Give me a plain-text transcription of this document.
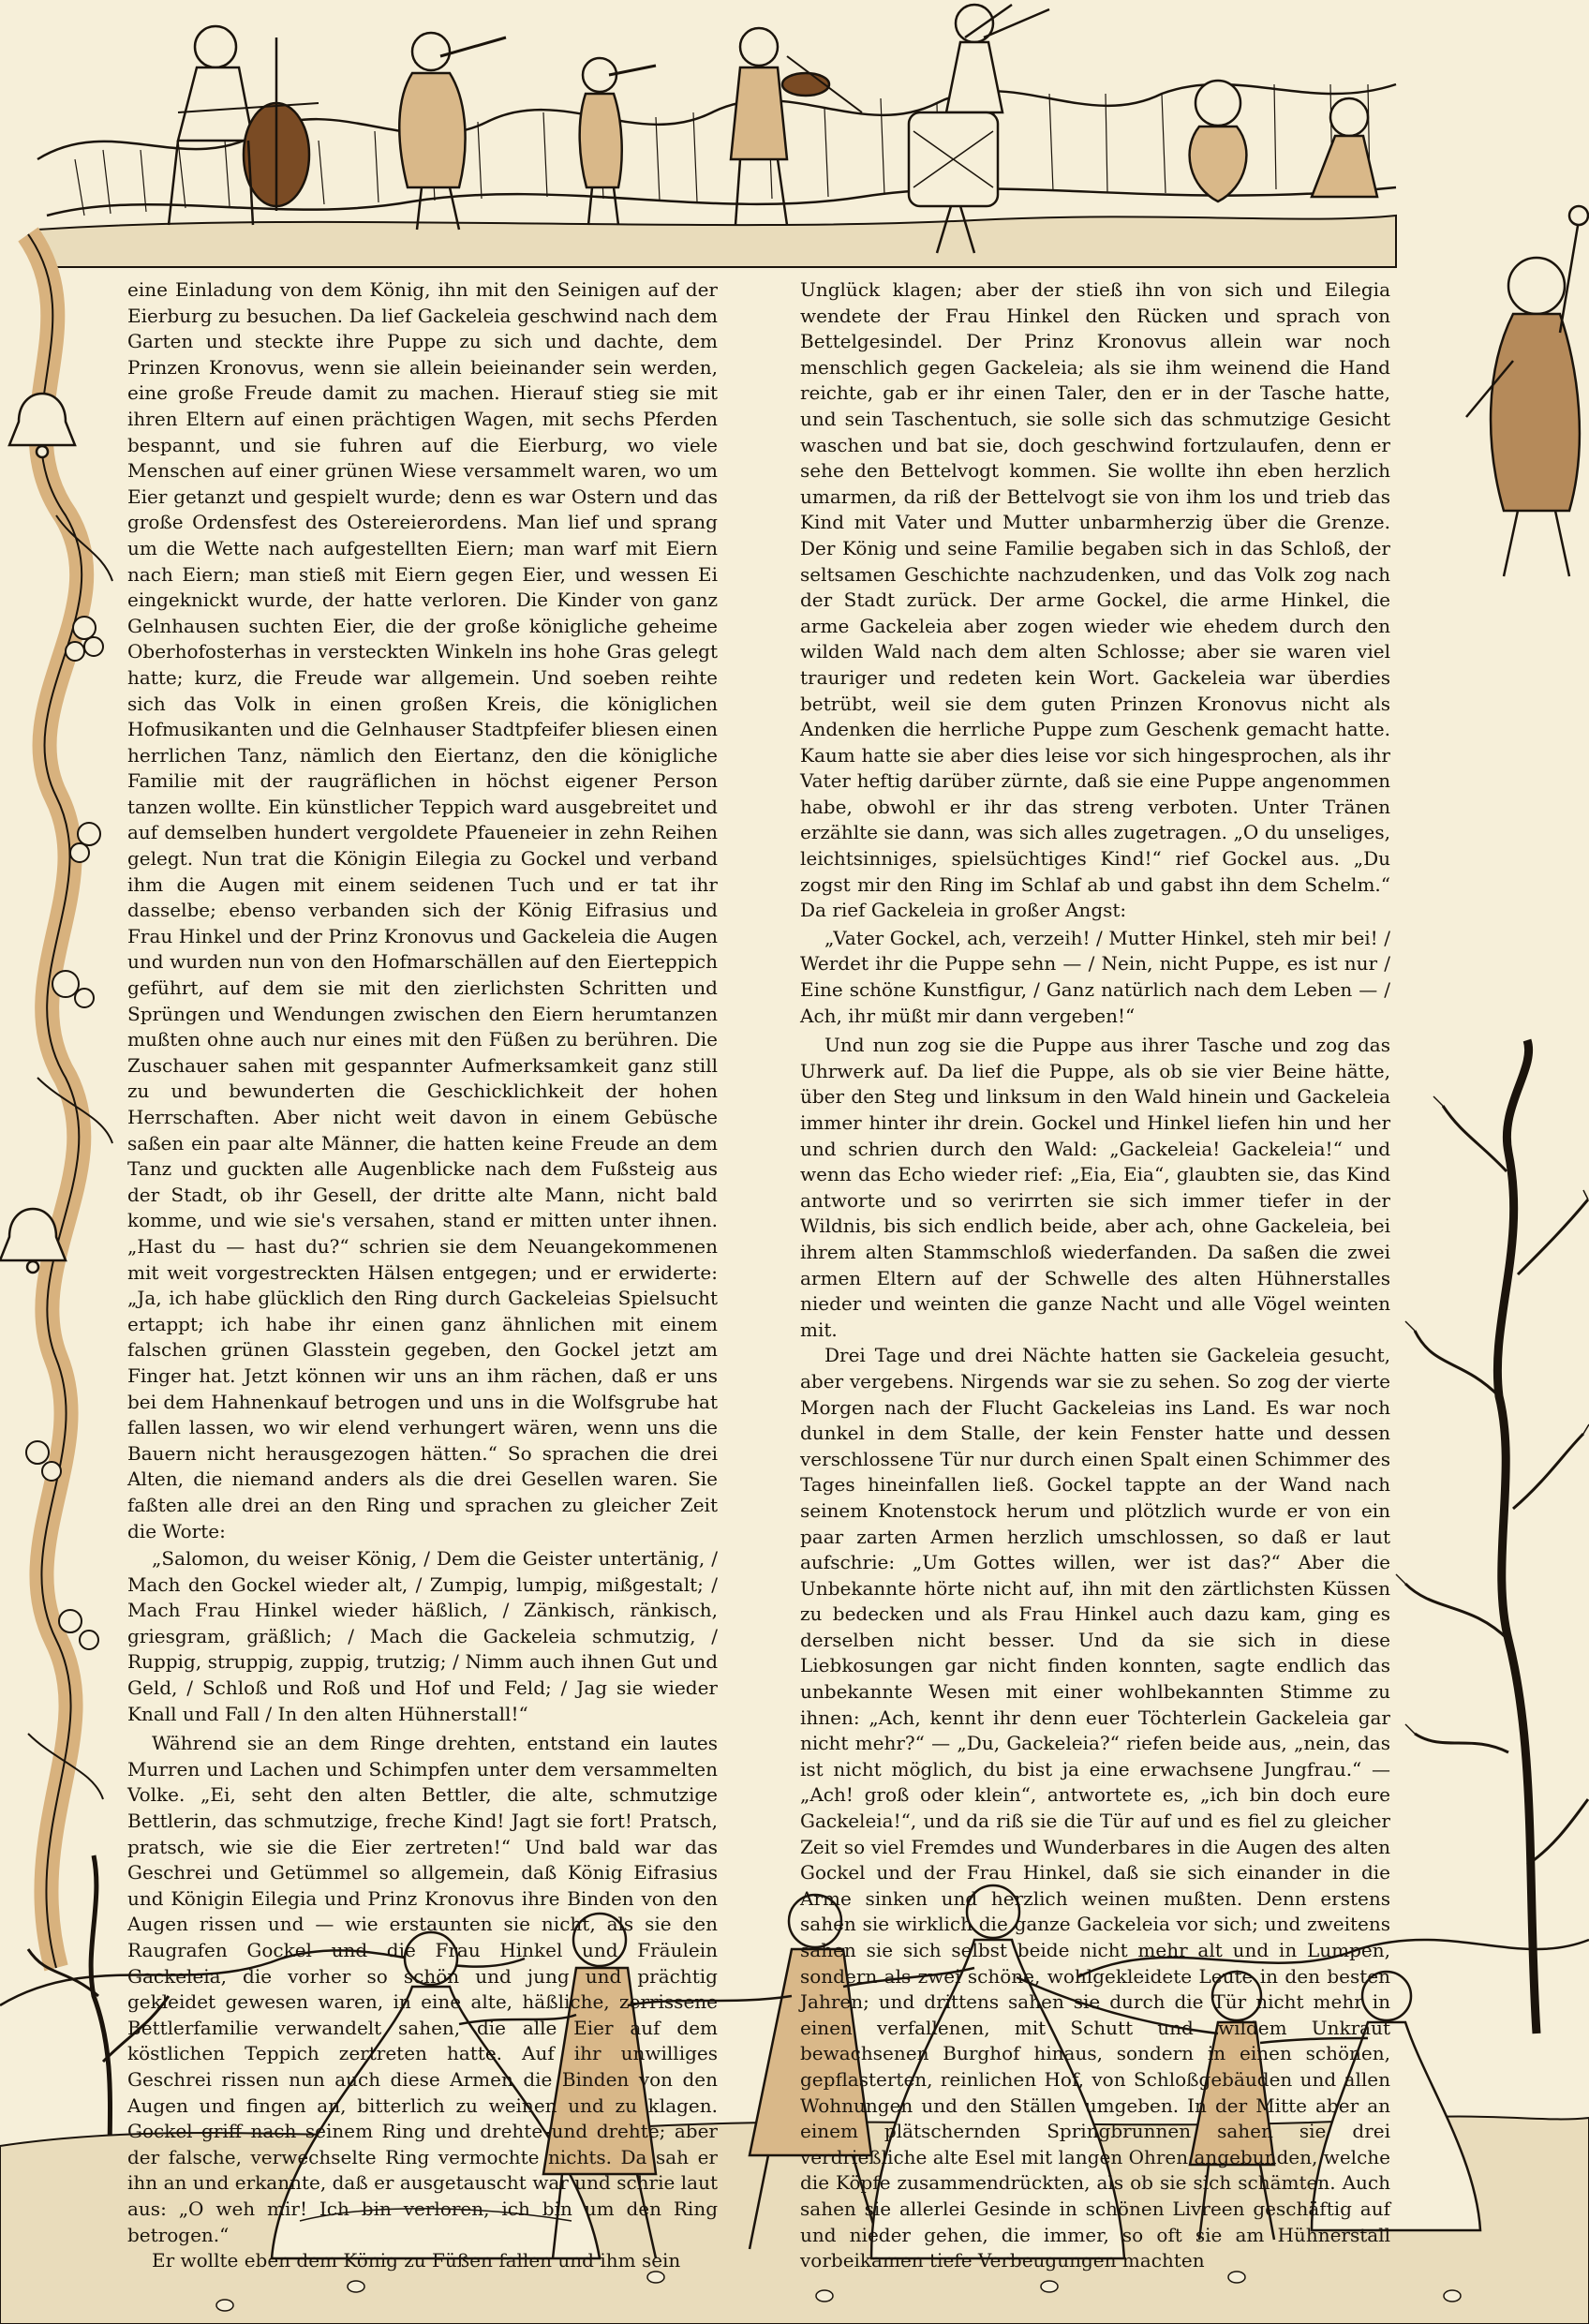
eine Einladung von dem König, ihn mit den Seinigen auf der Eierburg zu besuchen. Da lief Gackeleia geschwind nach dem Garten und steckte ihre Puppe zu sich und dachte, dem Prinzen Kronovus, wenn sie allein beieinander sein werden, eine große Freude damit zu machen. Hierauf stieg sie mit ihren Eltern auf einen prächtigen Wagen, mit sechs Pferden bespannt, und sie fuhren auf die Eierburg, wo viele Menschen auf einer grünen Wiese versammelt waren, wo um Eier getanzt und gespielt wurde; denn es war Ostern und das große Ordensfest des Ostereierordens. Man lief und sprang um die Wette nach aufgestellten Eiern; man warf mit Eiern nach Eiern; man stieß mit Eiern gegen Eier, und wessen Ei eingeknickt wurde, der hatte verloren. Die Kinder von ganz Gelnhausen suchten Eier, die der große königliche geheime Oberhofosterhas in versteckten Winkeln ins hohe Gras gelegt hatte; kurz, die Freude war allgemein. Und soeben reihte sich das Volk in einen großen Kreis, die königlichen Hofmusikanten und die Gelnhauser Stadtpfeifer bliesen einen herrlichen Tanz, nämlich den Eiertanz, den die königliche Familie mit der raugräflichen in höchst eigener Person tanzen wollte. Ein künstlicher Teppich ward ausgebreitet und auf demselben hundert vergoldete Pfaueneier in zehn Reihen gelegt. Nun trat die Königin Eilegia zu Gockel und verband ihm die Augen mit einem seidenen Tuch und er tat ihr dasselbe; ebenso verbanden sich der König Eifrasius und Frau Hinkel und der Prinz Kronovus und Gackeleia die Augen und wurden nun von den Hofmarschällen auf den Eierteppich geführt, auf dem sie mit den zierlichsten Schritten und Sprüngen und Wendungen zwischen den Eiern herumtanzen mußten ohne auch nur eines mit den Füßen zu berühren. Die Zuschauer sahen mit gespannter Aufmerksamkeit ganz still zu und bewunderten die Geschicklichkeit der hohen Herrschaften. Aber nicht weit davon in einem Gebüsche saßen ein paar alte Männer, die hatten keine Freude an dem Tanz und guckten alle Augenblicke nach dem Fußsteig aus der Stadt, ob ihr Gesell, der dritte alte Mann, nicht bald komme, und wie sie's versahen, stand er mitten unter ihnen. „Hast du — hast du?“ schrien sie dem Neuangekommenen mit weit vorgestreckten Hälsen entgegen; und er erwiderte: „Ja, ich habe glücklich den Ring durch Gackeleias Spielsucht ertappt; ich habe ihr einen ganz ähnlichen mit einem falschen grünen Glasstein gegeben, den Gockel jetzt am Finger hat. Jetzt können wir uns an ihm rächen, daß er uns bei dem Hahnenkauf betrogen und uns in die Wolfsgrube hat fallen lassen, wo wir elend verhungert wären, wenn uns die Bauern nicht herausgezogen hätten.“ So sprachen die drei Alten, die niemand anders als die drei Gesellen waren. Sie faßten alle drei an den Ring und sprachen zu gleicher Zeit die Worte:

„Salomon, du weiser König, / Dem die Geister untertänig, / Mach den Gockel wieder alt, / Zumpig, lumpig, mißgestalt; / Mach Frau Hinkel wieder häßlich, / Zänkisch, ränkisch, griesgram, gräßlich; / Mach die Gackeleia schmutzig, / Ruppig, struppig, zuppig, trutzig; / Nimm auch ihnen Gut und Geld, / Schloß und Roß und Hof und Feld; / Jag sie wieder Knall und Fall / In den alten Hühnerstall!“

Während sie an dem Ringe drehten, entstand ein lautes Murren und Lachen und Schimpfen unter dem versammelten Volke. „Ei, seht den alten Bettler, die alte, schmutzige Bettlerin, das schmutzige, freche Kind! Jagt sie fort! Pratsch, pratsch, wie sie die Eier zertreten!“ Und bald war das Geschrei und Getümmel so allgemein, daß König Eifrasius und Königin Eilegia und Prinz Kronovus ihre Binden von den Augen rissen und — wie erstaunten sie nicht, als sie den Raugrafen Gockel und die Frau Hinkel und Fräulein Gackeleia, die vorher so schön und jung und prächtig gekleidet gewesen waren, in eine alte, häßliche, zerrissene Bettlerfamilie verwandelt sahen, die alle Eier auf dem köstlichen Teppich zertreten hatte. Auf ihr unwilliges Geschrei rissen nun auch diese Armen die Binden von den Augen und fingen an, bitterlich zu weinen und zu klagen. Gockel griff nach seinem Ring und drehte und drehte; aber der falsche, verwechselte Ring vermochte nichts. Da sah er ihn an und erkannte, daß er ausgetauscht war und schrie laut aus: „O weh mir! Ich bin verloren, ich bin um den Ring betrogen.“

Er wollte eben dem König zu Füßen fallen und ihm sein

Unglück klagen; aber der stieß ihn von sich und Eilegia wendete der Frau Hinkel den Rücken und sprach von Bettelgesindel. Der Prinz Kronovus allein war noch menschlich gegen Gackeleia; als sie ihm weinend die Hand reichte, gab er ihr einen Taler, den er in der Tasche hatte, und sein Taschentuch, sie solle sich das schmutzige Gesicht waschen und bat sie, doch geschwind fortzulaufen, denn er sehe den Bettelvogt kommen. Sie wollte ihn eben herzlich umarmen, da riß der Bettelvogt sie von ihm los und trieb das Kind mit Vater und Mutter unbarmherzig über die Grenze. Der König und seine Familie begaben sich in das Schloß, der seltsamen Geschichte nachzudenken, und das Volk zog nach der Stadt zurück. Der arme Gockel, die arme Hinkel, die arme Gackeleia aber zogen wieder wie ehedem durch den wilden Wald nach dem alten Schlosse; aber sie waren viel trauriger und redeten kein Wort. Gackeleia war überdies betrübt, weil sie dem guten Prinzen Kronovus nicht als Andenken die herrliche Puppe zum Geschenk gemacht hatte. Kaum hatte sie aber dies leise vor sich hingesprochen, als ihr Vater heftig darüber zürnte, daß sie eine Puppe angenommen habe, obwohl er ihr das streng verboten. Unter Tränen erzählte sie dann, was sich alles zugetragen. „O du unseliges, leichtsinniges, spielsüchtiges Kind!“ rief Gockel aus. „Du zogst mir den Ring im Schlaf ab und gabst ihn dem Schelm.“ Da rief Gackeleia in großer Angst:

„Vater Gockel, ach, verzeih! / Mutter Hinkel, steh mir bei! / Werdet ihr die Puppe sehn — / Nein, nicht Puppe, es ist nur / Eine schöne Kunstfigur, / Ganz natürlich nach dem Leben — / Ach, ihr müßt mir dann vergeben!“

Und nun zog sie die Puppe aus ihrer Tasche und zog das Uhrwerk auf. Da lief die Puppe, als ob sie vier Beine hätte, über den Steg und linksum in den Wald hinein und Gackeleia immer hinter ihr drein. Gockel und Hinkel liefen hin und her und schrien durch den Wald: „Gackeleia! Gackeleia!“ und wenn das Echo wieder rief: „Eia, Eia“, glaubten sie, das Kind antworte und so verirrten sie sich immer tiefer in der Wildnis, bis sich endlich beide, aber ach, ohne Gackeleia, bei ihrem alten Stammschloß wiederfanden. Da saßen die zwei armen Eltern auf der Schwelle des alten Hühnerstalles nieder und weinten die ganze Nacht und alle Vögel weinten mit.

Drei Tage und drei Nächte hatten sie Gackeleia gesucht, aber vergebens. Nirgends war sie zu sehen. So zog der vierte Morgen nach der Flucht Gackeleias ins Land. Es war noch dunkel in dem Stalle, der kein Fenster hatte und dessen verschlossene Tür nur durch einen Spalt einen Schimmer des Tages hineinfallen ließ. Gockel tappte an der Wand nach seinem Knotenstock herum und plötzlich wurde er von ein paar zarten Armen herzlich umschlossen, so daß er laut aufschrie: „Um Gottes willen, wer ist das?“ Aber die Unbekannte hörte nicht auf, ihn mit den zärtlichsten Küssen zu bedecken und als Frau Hinkel auch dazu kam, ging es derselben nicht besser. Und da sie sich in diese Liebkosungen gar nicht finden konnten, sagte endlich das unbekannte Wesen mit einer wohlbekannten Stimme zu ihnen: „Ach, kennt ihr denn euer Töchterlein Gackeleia gar nicht mehr?“ — „Du, Gackeleia?“ riefen beide aus, „nein, das ist nicht möglich, du bist ja eine erwachsene Jungfrau.“ — „Ach! groß oder klein“, antwortete es, „ich bin doch eure Gackeleia!“, und da riß sie die Tür auf und es fiel zu gleicher Zeit so viel Fremdes und Wunderbares in die Augen des alten Gockel und der Frau Hinkel, daß sie sich einander in die Arme sinken und herzlich weinen mußten. Denn erstens sahen sie wirklich die ganze Gackeleia vor sich; und zweitens sahen sie sich selbst beide nicht mehr alt und in Lumpen, sondern als zwei schöne, wohlgekleidete Leute in den besten Jahren; und drittens sahen sie durch die Tür nicht mehr in einen verfallenen, mit Schutt und wildem Unkraut bewachsenen Burghof hinaus, sondern in einen schönen, gepflasterten, reinlichen Hof, von Schloßgebäuden und allen Wohnungen und den Ställen umgeben. In der Mitte aber an einem plätschernden Springbrunnen sahen sie drei verdrießliche alte Esel mit langen Ohren angebunden, welche die Köpfe zusammendrückten, als ob sie sich schämten. Auch sahen sie allerlei Gesinde in schönen Livreen geschäftig auf und nieder gehen, die immer, so oft sie am Hühnerstall vorbeikamen tiefe Verbeugungen machten
